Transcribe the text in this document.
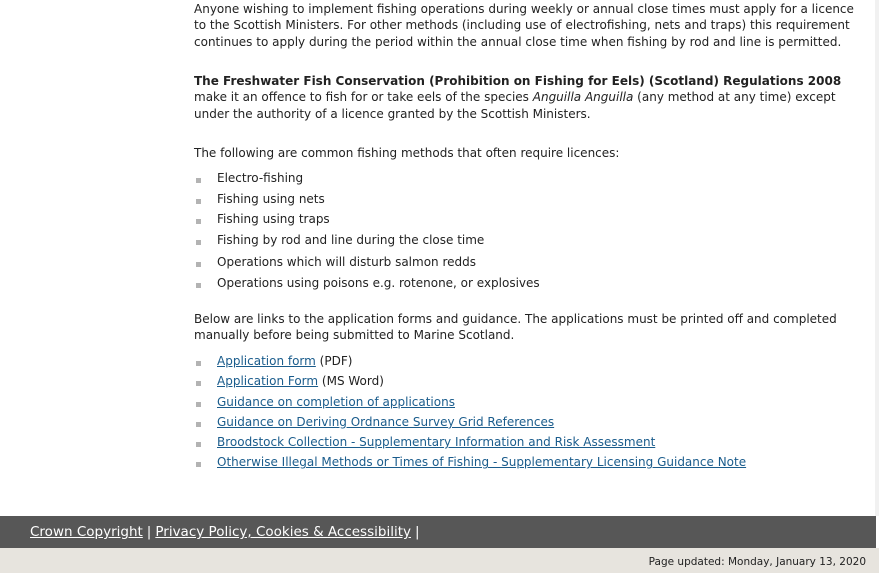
Anyone wishing to implement fishing operations during weekly or annual close times must apply for a licence to the Scottish Ministers. For other methods (including use of electrofishing, nets and traps) this requirement continues to apply during the period within the annual close time when fishing by rod and line is permitted.

The Freshwater Fish Conservation (Prohibition on Fishing for Eels) (Scotland) Regulations 2008 make it an offence to fish for or take eels of the species Anguilla Anguilla (any method at any time) except under the authority of a licence granted by the Scottish Ministers.

The following are common fishing methods that often require licences:

Electro-fishing
Fishing using nets
Fishing using traps
Fishing by rod and line during the close time
Operations which will disturb salmon redds
Operations using poisons e.g. rotenone, or explosives

Below are links to the application forms and guidance. The applications must be printed off and completed manually before being submitted to Marine Scotland.

Application form (PDF)
Application Form (MS Word)
Guidance on completion of applications
Guidance on Deriving Ordnance Survey Grid References
Broodstock Collection - Supplementary Information and Risk Assessment
Otherwise Illegal Methods or Times of Fishing - Supplementary Licensing Guidance Note
Crown Copyright | Privacy Policy, Cookies & Accessibility |
Page updated: Monday, January 13, 2020
